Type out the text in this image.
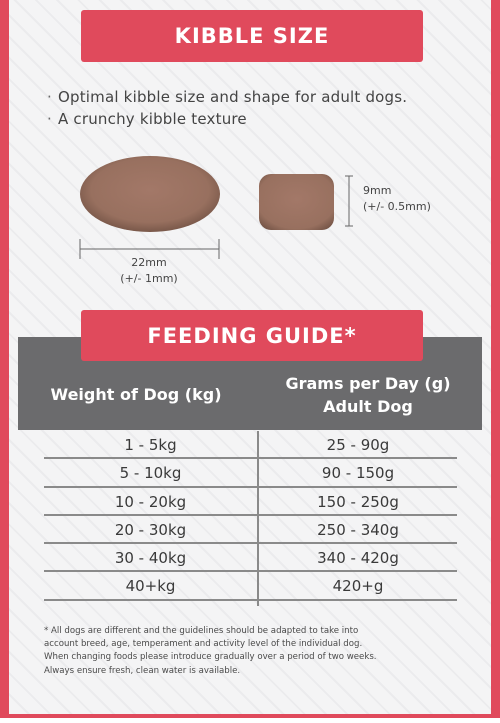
KIBBLE SIZE
· Optimal kibble size and shape for adult dogs.
· A crunchy kibble texture
22mm
(+/- 1mm)
9mm
(+/- 0.5mm)
FEEDING GUIDE*
Weight of Dog (kg)
Grams per Day (g)
Adult Dog
1 - 5kg	25 - 90g
5 - 10kg	90 - 150g
10 - 20kg	150 - 250g
20 - 30kg	250 - 340g
30 - 40kg	340 - 420g
40+kg	420+g
* All dogs are different and the guidelines should be adapted to take into
account breed, age, temperament and activity level of the individual dog.
When changing foods please introduce gradually over a period of two weeks.
Always ensure fresh, clean water is available.
